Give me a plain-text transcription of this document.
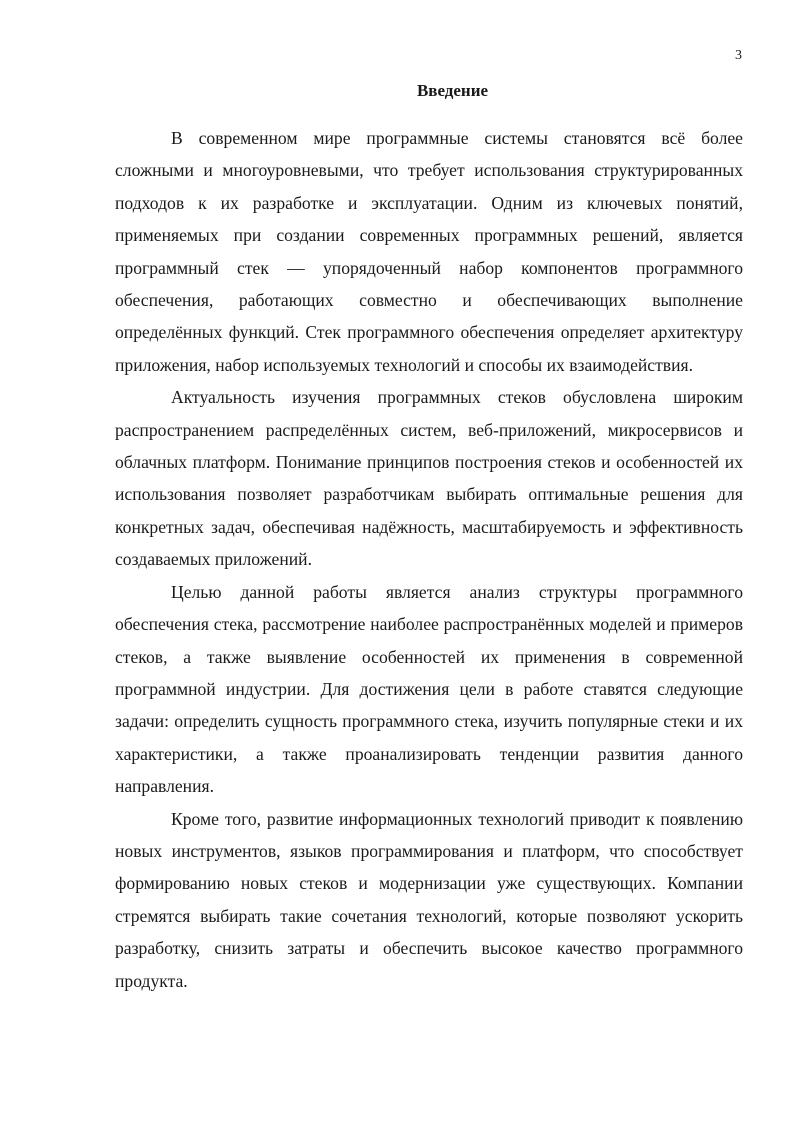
3
Введение

В современном мире программные системы становятся всё более сложными и многоуровневыми, что требует использования структурированных подходов к их разработке и эксплуатации. Одним из ключевых понятий, применяемых при создании современных программных решений, является программный стек — упорядоченный набор компонентов программного обеспечения, работающих совместно и обеспечивающих выполнение определённых функций. Стек программного обеспечения определяет архитектуру приложения, набор используемых технологий и способы их взаимодействия.

Актуальность изучения программных стеков обусловлена широким распространением распределённых систем, веб-приложений, микросервисов и облачных платформ. Понимание принципов построения стеков и особенностей их использования позволяет разработчикам выбирать оптимальные решения для конкретных задач, обеспечивая надёжность, масштабируемость и эффективность создаваемых приложений.

Целью данной работы является анализ структуры программного обеспечения стека, рассмотрение наиболее распространённых моделей и примеров стеков, а также выявление особенностей их применения в современной программной индустрии. Для достижения цели в работе ставятся следующие задачи: определить сущность программного стека, изучить популярные стеки и их характеристики, а также проанализировать тенденции развития данного направления.

Кроме того, развитие информационных технологий приводит к появлению новых инструментов, языков программирования и платформ, что способствует формированию новых стеков и модернизации уже существующих. Компании стремятся выбирать такие сочетания технологий, которые позволяют ускорить разработку, снизить затраты и обеспечить высокое качество программного продукта.
